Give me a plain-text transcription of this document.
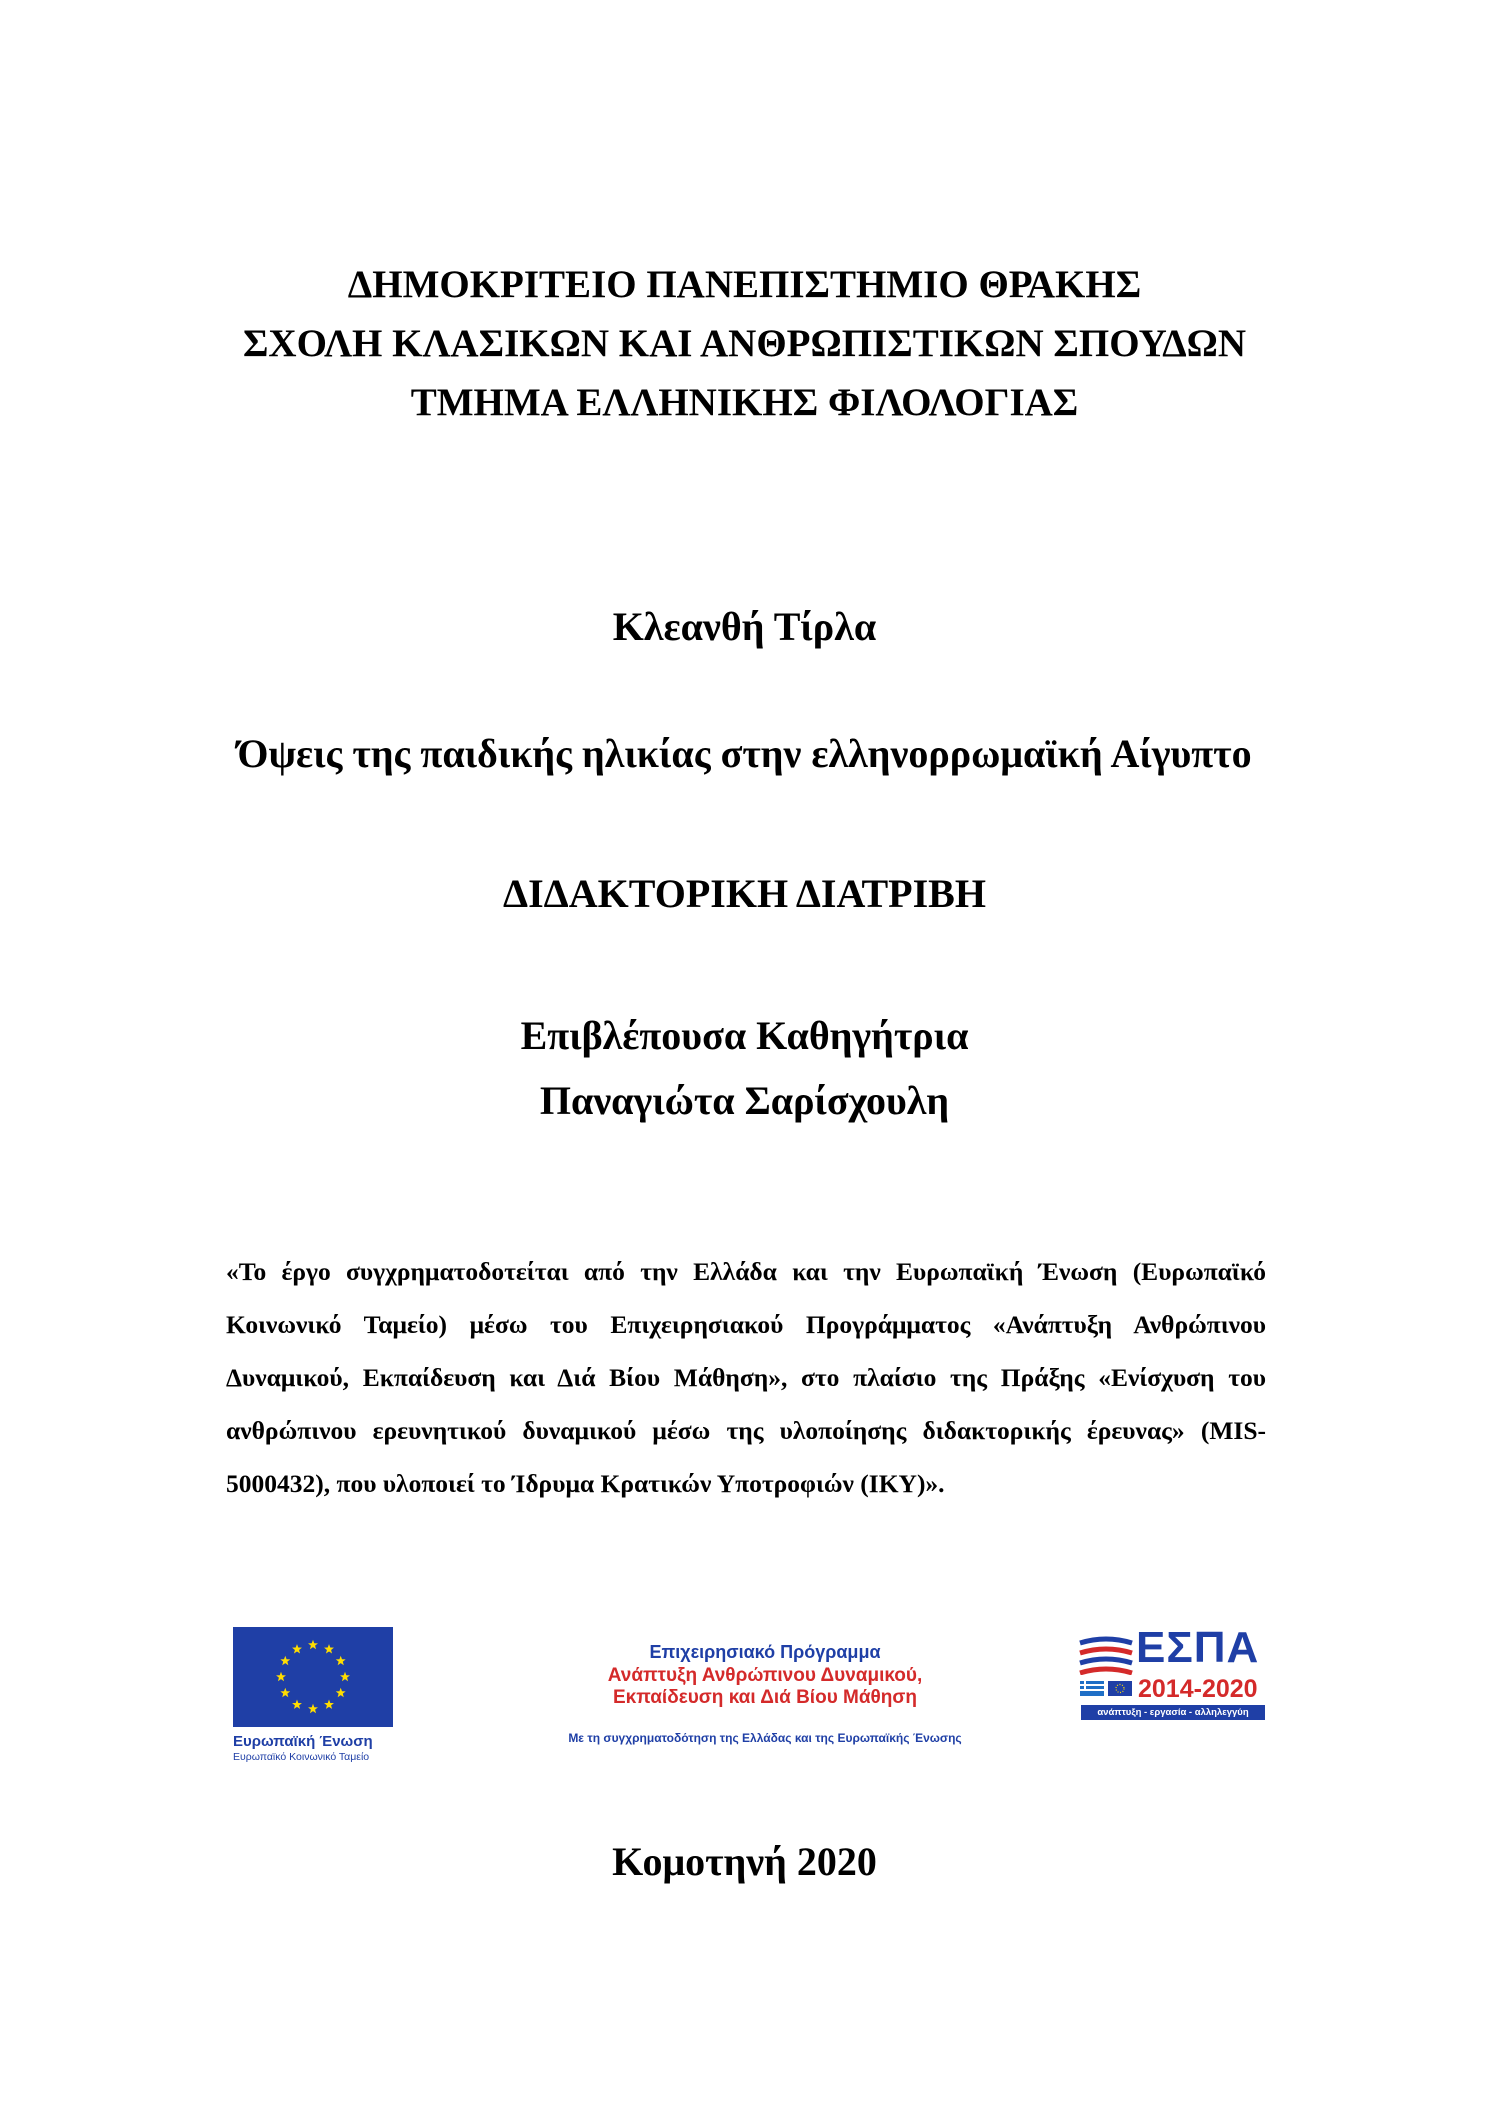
ΔΗΜΟΚΡΙΤΕΙΟ ΠΑΝΕΠΙΣΤΗΜΙΟ ΘΡΑΚΗΣ
ΣΧΟΛΗ ΚΛΑΣΙΚΩΝ ΚΑΙ ΑΝΘΡΩΠΙΣΤΙΚΩΝ ΣΠΟΥΔΩΝ
ΤΜΗΜΑ ΕΛΛΗΝΙΚΗΣ ΦΙΛΟΛΟΓΙΑΣ
Κλεανθή Τίρλα
Όψεις της παιδικής ηλικίας στην ελληνορρωμαϊκή Αίγυπτο
ΔΙΔΑΚΤΟΡΙΚΗ ΔΙΑΤΡΙΒΗ
Επιβλέπουσα Καθηγήτρια
Παναγιώτα Σαρίσχουλη
«Το έργο συγχρηματοδοτείται από την Ελλάδα και την Ευρωπαϊκή Ένωση (Ευρωπαϊκό Κοινωνικό Ταμείο) μέσω του Επιχειρησιακού Προγράμματος «Ανάπτυξη Ανθρώπινου Δυναμικού, Εκπαίδευση και Διά Βίου Μάθηση», στο πλαίσιο της Πράξης «Ενίσχυση του ανθρώπινου ερευνητικού δυναμικού μέσω της υλοποίησης διδακτορικής έρευνας» (MIS-5000432), που υλοποιεί το Ίδρυμα Κρατικών Υποτροφιών (ΙΚΥ)».
Ευρωπαϊκή Ένωση
Ευρωπαϊκό Κοινωνικό Ταμείο
Επιχειρησιακό Πρόγραμμα
Ανάπτυξη Ανθρώπινου Δυναμικού,
Εκπαίδευση και Διά Βίου Μάθηση
Με τη συγχρηματοδότηση της Ελλάδας και της Ευρωπαϊκής Ένωσης
ΕΣΠΑ
2014-2020
ανάπτυξη - εργασία - αλληλεγγύη
Κομοτηνή 2020
